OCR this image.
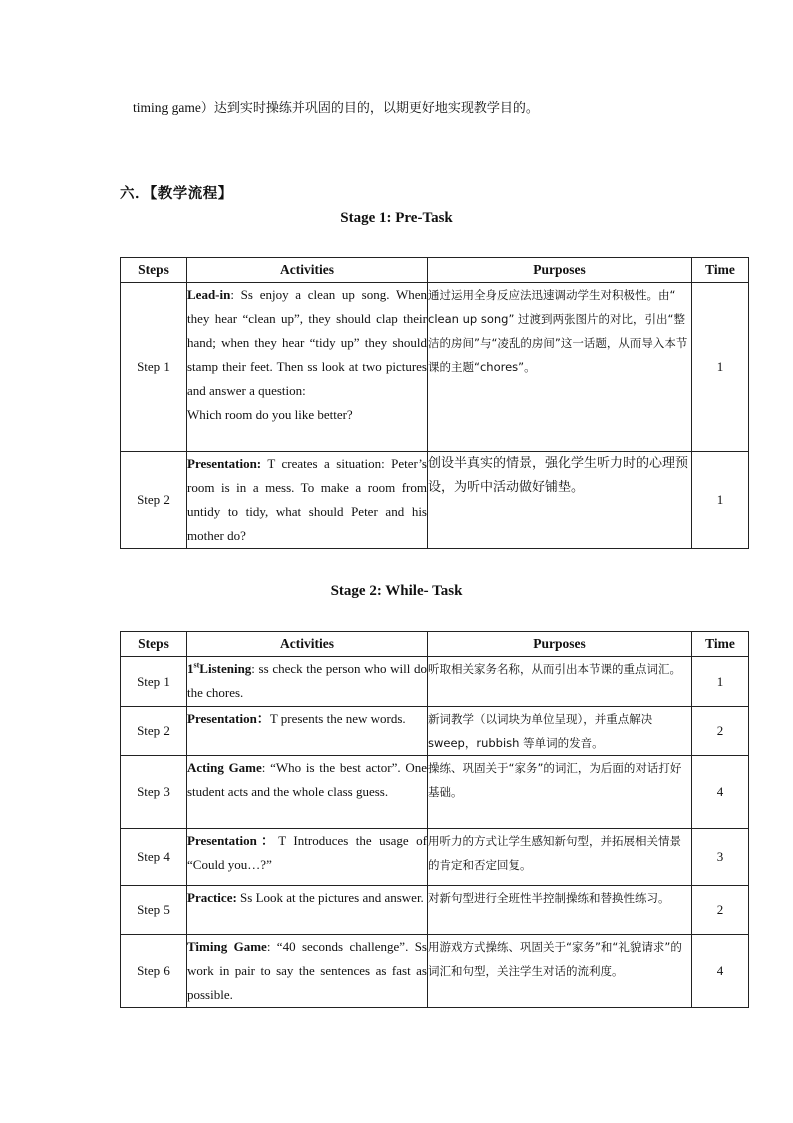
timing game）达到实时操练并巩固的目的，以期更好地实现教学目的。
六．【教学流程】
Stage 1: Pre-Task
Steps	Activities	Purposes	Time
Step 1	Lead-in: Ss enjoy a clean up song. When they hear “clean up”, they should clap their hand; when they hear “tidy up” they should stamp their feet. Then ss look at two pictures and answer a question:
Which room do you like better?	通过运用全身反应法迅速调动学生对积极性。由“ clean up song” 过渡到两张图片的对比，引出“整洁的房间”与“凌乱的房间”这一话题，从而导入本节课的主题“chores”。	1
Step 2	Presentation: T creates a situation: Peter’s room is in a mess. To make a room from untidy to tidy, what should Peter and his mother do?	创设半真实的情景，强化学生听力时的心理预设，为听中活动做好铺垫。	1
Stage 2: While- Task
Steps	Activities	Purposes	Time
Step 1	1stListening: ss check the person who will do the chores.	听取相关家务名称，从而引出本节课的重点词汇。	1
Step 2	Presentation：T presents the new words.	新词教学（以词块为单位呈现），并重点解决 sweep，rubbish 等单词的发音。	2
Step 3	Acting Game: “Who is the best actor”. One student acts and the whole class guess.	操练、巩固关于“家务”的词汇，为后面的对话打好基础。	4
Step 4	Presentation：T Introduces the usage of “Could you…?”	用听力的方式让学生感知新句型，并拓展相关情景的肯定和否定回复。	3
Step 5	Practice: Ss Look at the pictures and answer.	对新句型进行全班性半控制操练和替换性练习。	2
Step 6	Timing Game: “40 seconds challenge”. Ss work in pair to say the sentences as fast as possible.	用游戏方式操练、巩固关于“家务”和“礼貌请求”的词汇和句型，关注学生对话的流利度。	4
